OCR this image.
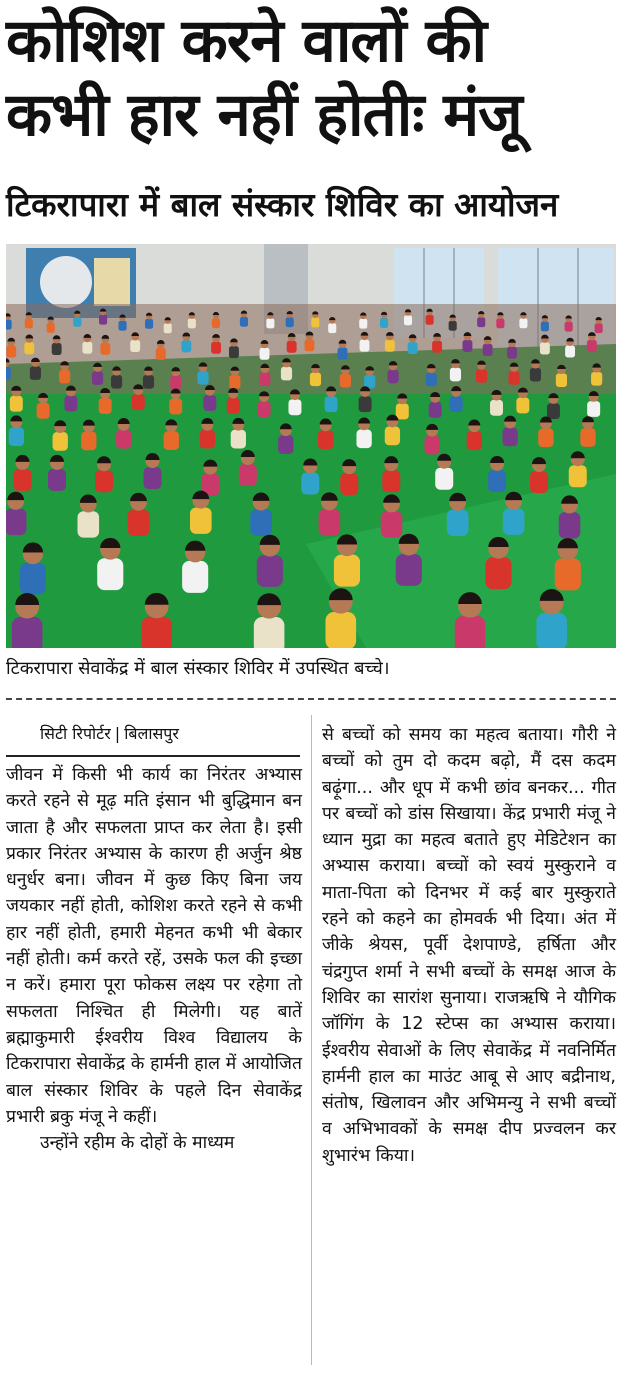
कोशिश करने वालों की
कभी हार नहीं होतीः मंजू
टिकरापारा में बाल संस्कार शिविर का आयोजन
टिकरापारा सेवाकेंद्र में बाल संस्कार शिविर में उपस्थित बच्चे।
सिटी रिपोर्टर | बिलासपुर

जीवन में किसी भी कार्य का निरंतर अभ्यास करते रहने से मूढ़ मति इंसान भी बुद्धिमान बन जाता है और सफलता प्राप्त कर लेता है। इसी प्रकार निरंतर अभ्यास के कारण ही अर्जुन श्रेष्ठ धनुर्धर बना। जीवन में कुछ किए बिना जय जयकार नहीं होती, कोशिश करते रहने से कभी हार नहीं होती, हमारी मेहनत कभी भी बेकार नहीं होती। कर्म करते रहें, उसके फल की इच्छा न करें। हमारा पूरा फोकस लक्ष्य पर रहेगा तो सफलता निश्चित ही मिलेगी। यह बातें ब्रह्माकुमारी ईश्वरीय विश्व विद्यालय के टिकरापारा सेवाकेंद्र के हार्मनी हाल में आयोजित बाल संस्कार शिविर के पहले दिन सेवाकेंद्र प्रभारी ब्रकु मंजू ने कहीं।

उन्होंने रहीम के दोहों के माध्यम

से बच्चों को समय का महत्व बताया। गौरी ने बच्चों को तुम दो कदम बढ़ो, मैं दस कदम बढ़ूंगा... और धूप में कभी छांव बनकर... गीत पर बच्चों को डांस सिखाया। केंद्र प्रभारी मंजू ने ध्यान मुद्रा का महत्व बताते हुए मेडिटेशन का अभ्यास कराया। बच्चों को स्वयं मुस्कुराने व माता-पिता को दिनभर में कई बार मुस्कुराते रहने को कहने का होमवर्क भी दिया। अंत में जीके श्रेयस, पूर्वी देशपाण्डे, हर्षिता और चंद्रगुप्त शर्मा ने सभी बच्चों के समक्ष आज के शिविर का सारांश सुनाया। राजऋषि ने यौगिक जॉगिंग के 12 स्टेप्स का अभ्यास कराया। ईश्वरीय सेवाओं के लिए सेवाकेंद्र में नवनिर्मित हार्मनी हाल का माउंट आबू से आए बद्रीनाथ, संतोष, खिलावन और अभिमन्यु ने सभी बच्चों व अभिभावकों के समक्ष दीप प्रज्वलन कर शुभारंभ किया।
